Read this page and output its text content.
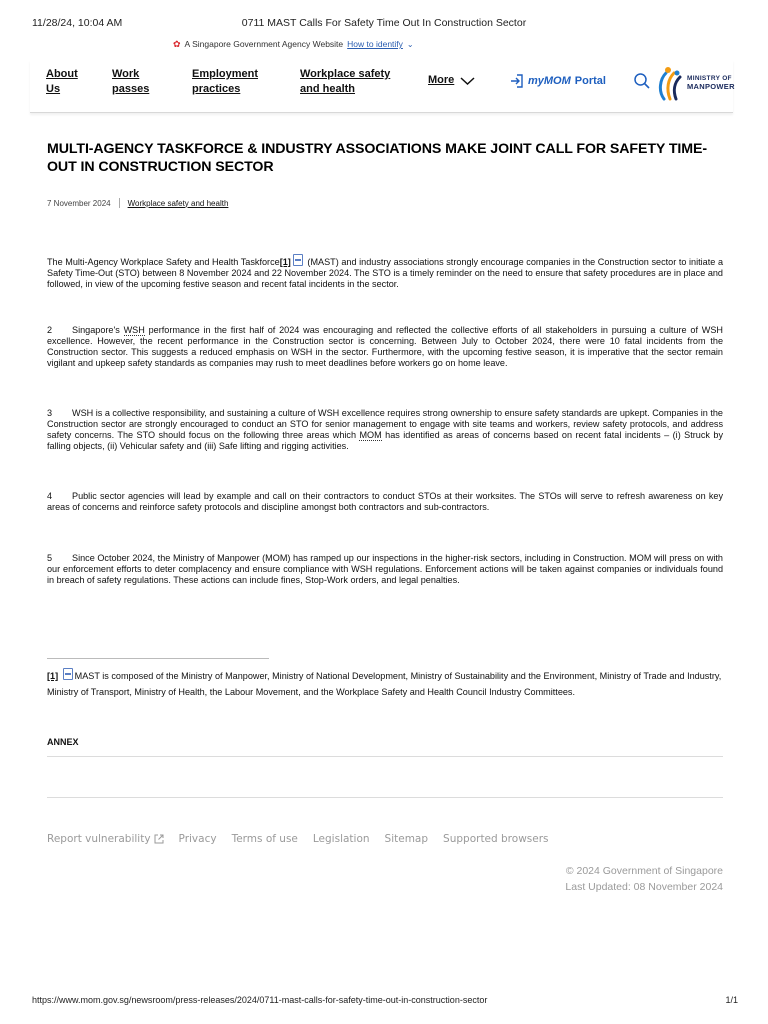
11/28/24, 10:04 AM	0711 MAST Calls For Safety Time Out In Construction Sector
✿ A Singapore Government Agency Website How to identify ⌄
About
Us
Work
passes
Employment
practices
Workplace safety
and health
More	myMOM Portal	MINISTRY OF
MANPOWER
MULTI-AGENCY TASKFORCE & INDUSTRY ASSOCIATIONS MAKE JOINT CALL FOR SAFETY TIME-OUT IN CONSTRUCTION SECTOR
7 November 2024 Workplace safety and health

The Multi-Agency Workplace Safety and Health Taskforce[1] (MAST) and industry associations strongly encourage companies in the Construction sector to initiate a Safety Time-Out (STO) between 8 November 2024 and 22 November 2024. The STO is a timely reminder on the need to ensure that safety procedures are in place and followed, in view of the upcoming festive season and recent fatal incidents in the sector.

2 Singapore's WSH performance in the first half of 2024 was encouraging and reflected the collective efforts of all stakeholders in pursuing a culture of WSH excellence. However, the recent performance in the Construction sector is concerning. Between July to October 2024, there were 10 fatal incidents from the Construction sector. This suggests a reduced emphasis on WSH in the sector. Furthermore, with the upcoming festive season, it is imperative that the sector remain vigilant and upkeep safety standards as companies may rush to meet deadlines before workers go on home leave.

3 WSH is a collective responsibility, and sustaining a culture of WSH excellence requires strong ownership to ensure safety standards are upkept. Companies in the Construction sector are strongly encouraged to conduct an STO for senior management to engage with site teams and workers, review safety protocols, and address safety concerns. The STO should focus on the following three areas which MOM has identified as areas of concerns based on recent fatal incidents – (i) Struck by falling objects, (ii) Vehicular safety and (iii) Safe lifting and rigging activities.

4 Public sector agencies will lead by example and call on their contractors to conduct STOs at their worksites. The STOs will serve to refresh awareness on key areas of concerns and reinforce safety protocols and discipline amongst both contractors and sub-contractors.

5 Since October 2024, the Ministry of Manpower (MOM) has ramped up our inspections in the higher-risk sectors, including in Construction. MOM will press on with our enforcement efforts to deter complacency and ensure compliance with WSH regulations. Enforcement actions will be taken against companies or individuals found in breach of safety regulations. These actions can include fines, Stop-Work orders, and legal penalties.

[1] MAST is composed of the Ministry of Manpower, Ministry of National Development, Ministry of Sustainability and the Environment, Ministry of Trade and Industry, Ministry of Transport, Ministry of Health, the Labour Movement, and the Workplace Safety and Health Council Industry Committees.

ANNEX
Report vulnerability	Privacy Terms of use Legislation Sitemap Supported browsers
© 2024 Government of Singapore
Last Updated: 08 November 2024
https://www.mom.gov.sg/newsroom/press-releases/2024/0711-mast-calls-for-safety-time-out-in-construction-sector	1/1
